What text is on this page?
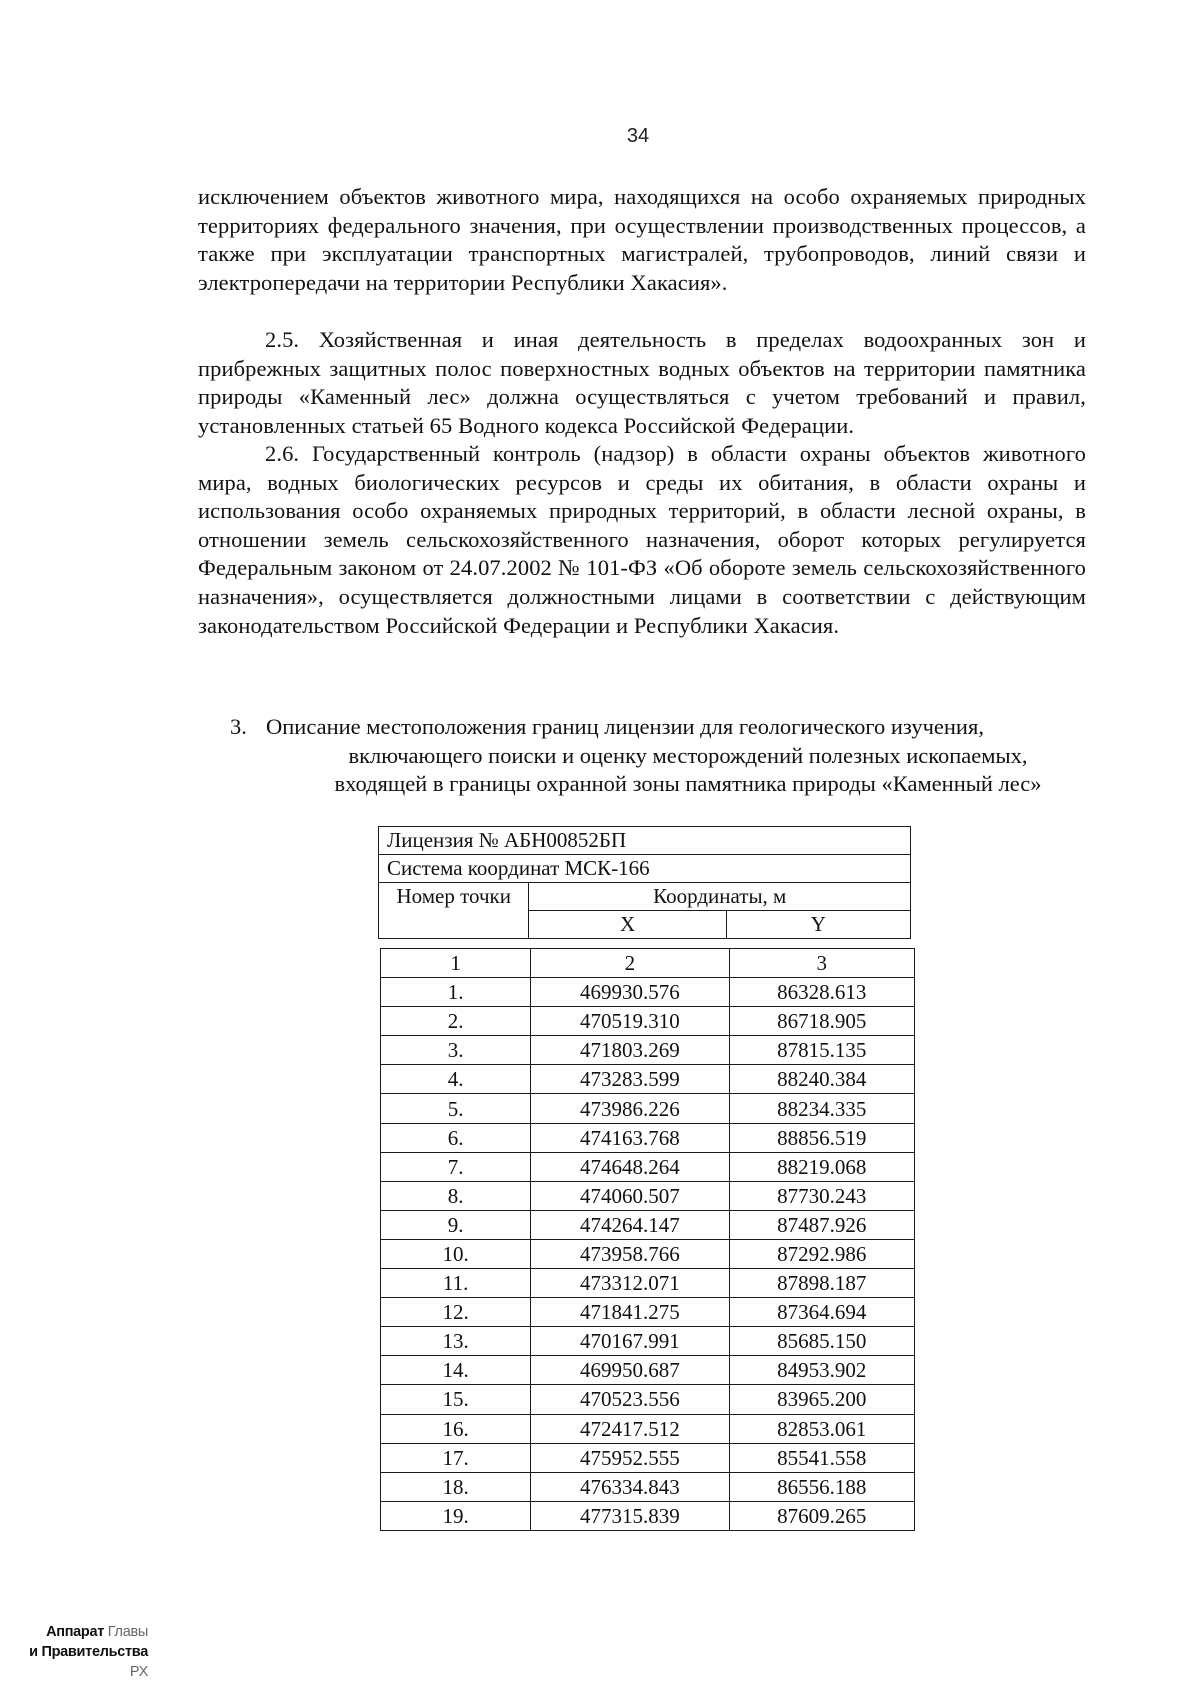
34

исключением объектов животного мира, находящихся на особо охраняемых природных территориях федерального значения, при осуществлении производственных процессов, а также при эксплуатации транспортных магистралей, трубопроводов, линий связи и электропередачи на территории Республики Хакасия».

2.5. Хозяйственная и иная деятельность в пределах водоохранных зон и прибрежных защитных полос поверхностных водных объектов на территории памятника природы «Каменный лес» должна осуществляться с учетом требований и правил, установленных статьей 65 Водного кодекса Российской Федерации.

2.6. Государственный контроль (надзор) в области охраны объектов животного мира, водных биологических ресурсов и среды их обитания, в области охраны и использования особо охраняемых природных территорий, в области лесной охраны, в отношении земель сельскохозяйственного назначения, оборот которых регулируется Федеральным законом от 24.07.2002 № 101-ФЗ «Об обороте земель сельскохозяйственного назначения», осуществляется должностными лицами в соответствии с действующим законодательством Российской Федерации и Республики Хакасия.

3. Описание местоположения границ лицензии для геологического изучения,
включающего поиски и оценку месторождений полезных ископаемых,
входящей в границы охранной зоны памятника природы «Каменный лес»
Лицензия № АБН00852БП		
Система координат МСК-166		
Номер точки	Координаты, м	
	X	Y
1	2	3
1.	469930.576	86328.613
2.	470519.310	86718.905
3.	471803.269	87815.135
4.	473283.599	88240.384
5.	473986.226	88234.335
6.	474163.768	88856.519
7.	474648.264	88219.068
8.	474060.507	87730.243
9.	474264.147	87487.926
10.	473958.766	87292.986
11.	473312.071	87898.187
12.	471841.275	87364.694
13.	470167.991	85685.150
14.	469950.687	84953.902
15.	470523.556	83965.200
16.	472417.512	82853.061
17.	475952.555	85541.558
18.	476334.843	86556.188
19.	477315.839	87609.265
Аппарат Главы
и Правительства РХ
